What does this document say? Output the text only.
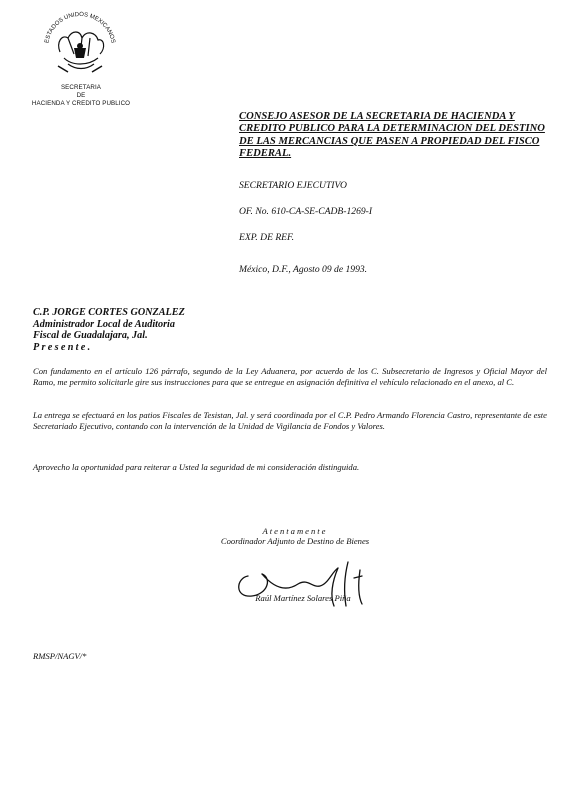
ESTADOS UNIDOS MEXICANOS
SECRETARIA
DE
HACIENDA Y CREDITO PUBLICO
CONSEJO ASESOR DE LA SECRETARIA DE HACIENDA Y CREDITO PUBLICO PARA LA DETERMINACION DEL DESTINO DE LAS MERCANCIAS QUE PASEN A PROPIEDAD DEL FISCO FEDERAL.
SECRETARIO EJECUTIVO
OF. No. 610-CA-SE-CADB-1269-I
EXP. DE REF.
México, D.F., Agosto 09 de 1993.
C.P. JORGE CORTES GONZALEZ
Administrador Local de Auditoria
Fiscal de Guadalajara, Jal.
Presente.
Con fundamento en el artículo 126 párrafo, segundo de la Ley Aduanera, por acuerdo de los C. Subsecretario de Ingresos y Oficial Mayor del Ramo, me permito solicitarle gire sus instrucciones para que se entregue en asignación definitiva el vehículo relacionado en el anexo, al C.
La entrega se efectuará en los patios Fiscales de Tesistan, Jal. y será coordinada por el C.P. Pedro Armando Florencia Castro, representante de este Secretariado Ejecutivo, contando con la intervención de la Unidad de Vigilancia de Fondos y Valores.
Aprovecho la oportunidad para reiterar a Usted la seguridad de mi consideración distinguida.
Atentamente
Coordinador Adjunto de Destino de Bienes
Raúl Martínez Solares Piña
RMSP/NAGV/*
